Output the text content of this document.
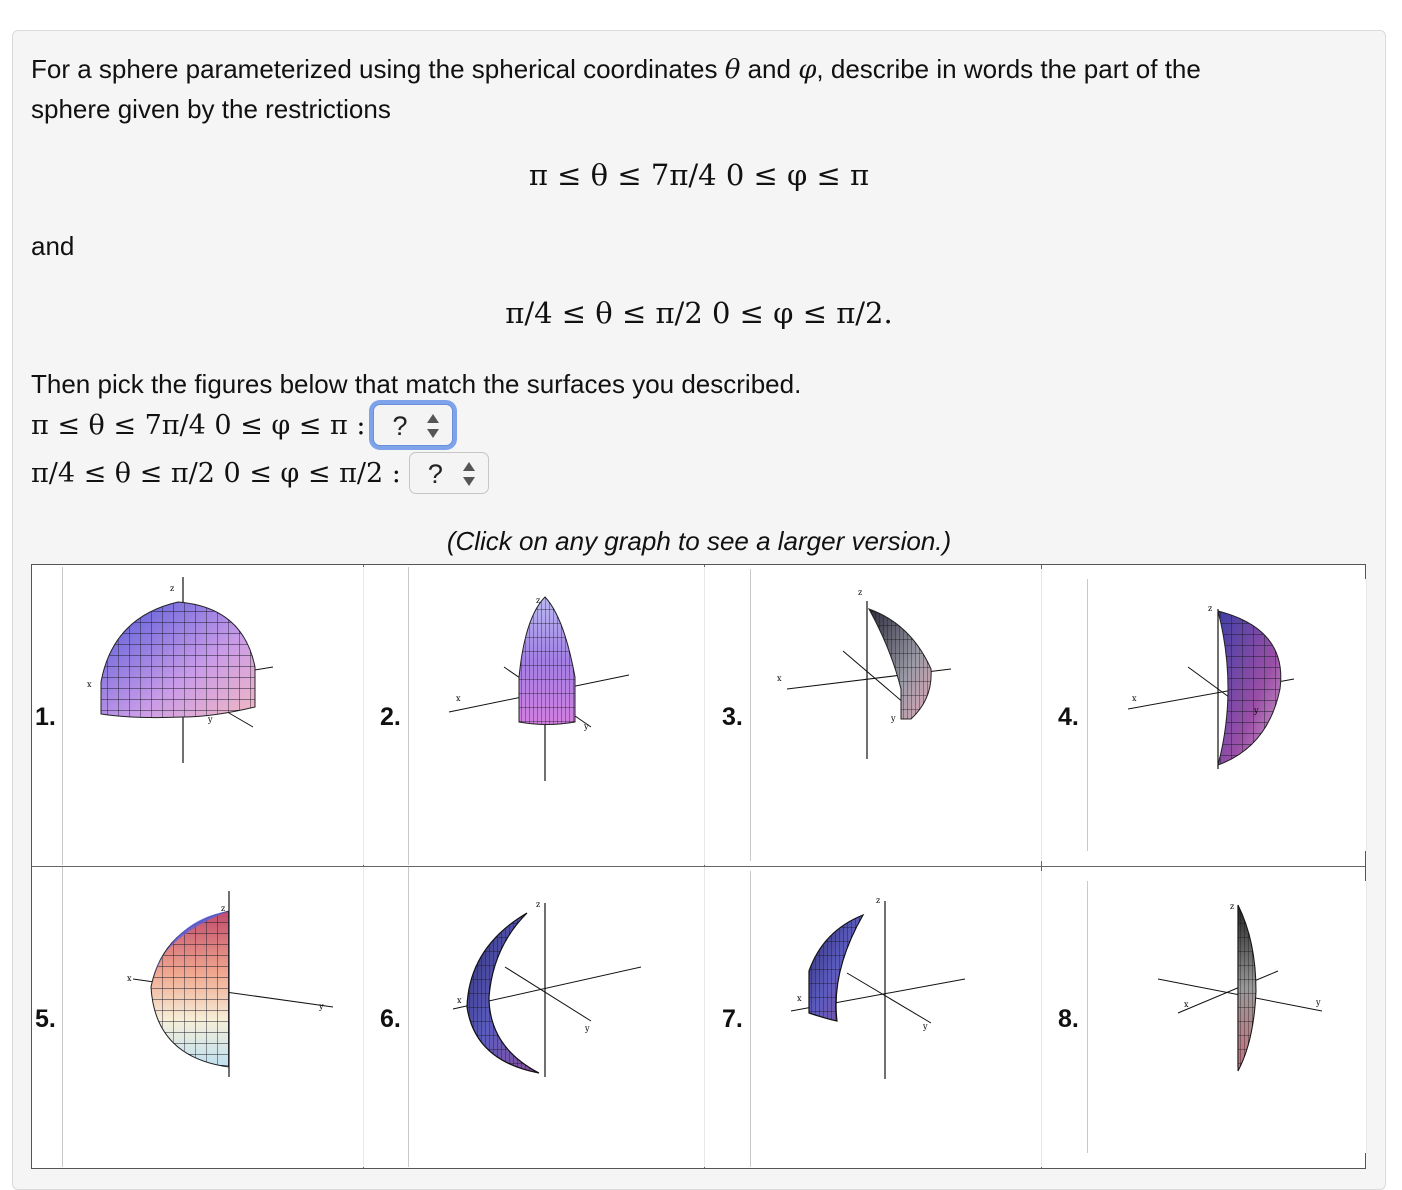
For a sphere parameterized using the spherical coordinates θ and φ, describe in words the part of the

sphere given by the restrictions

π ≤ θ ≤ 7π/4 0 ≤ φ ≤ π

and

π/4 ≤ θ ≤ π/2 0 ≤ φ ≤ π/2.

Then pick the figures below that match the surfaces you described.

π ≤ θ ≤ 7π/4 0 ≤ φ ≤ π : ?
π/4 ≤ θ ≤ π/2 0 ≤ φ ≤ π/2 : ?
(Click on any graph to see a larger version.)
1.
z
x
y	2.
z
x
y	3.
z
x
y	4.
z
x
y
5.
z
x
y 6.
z
x
y	7.
z
x
y	8.
z
x	y
